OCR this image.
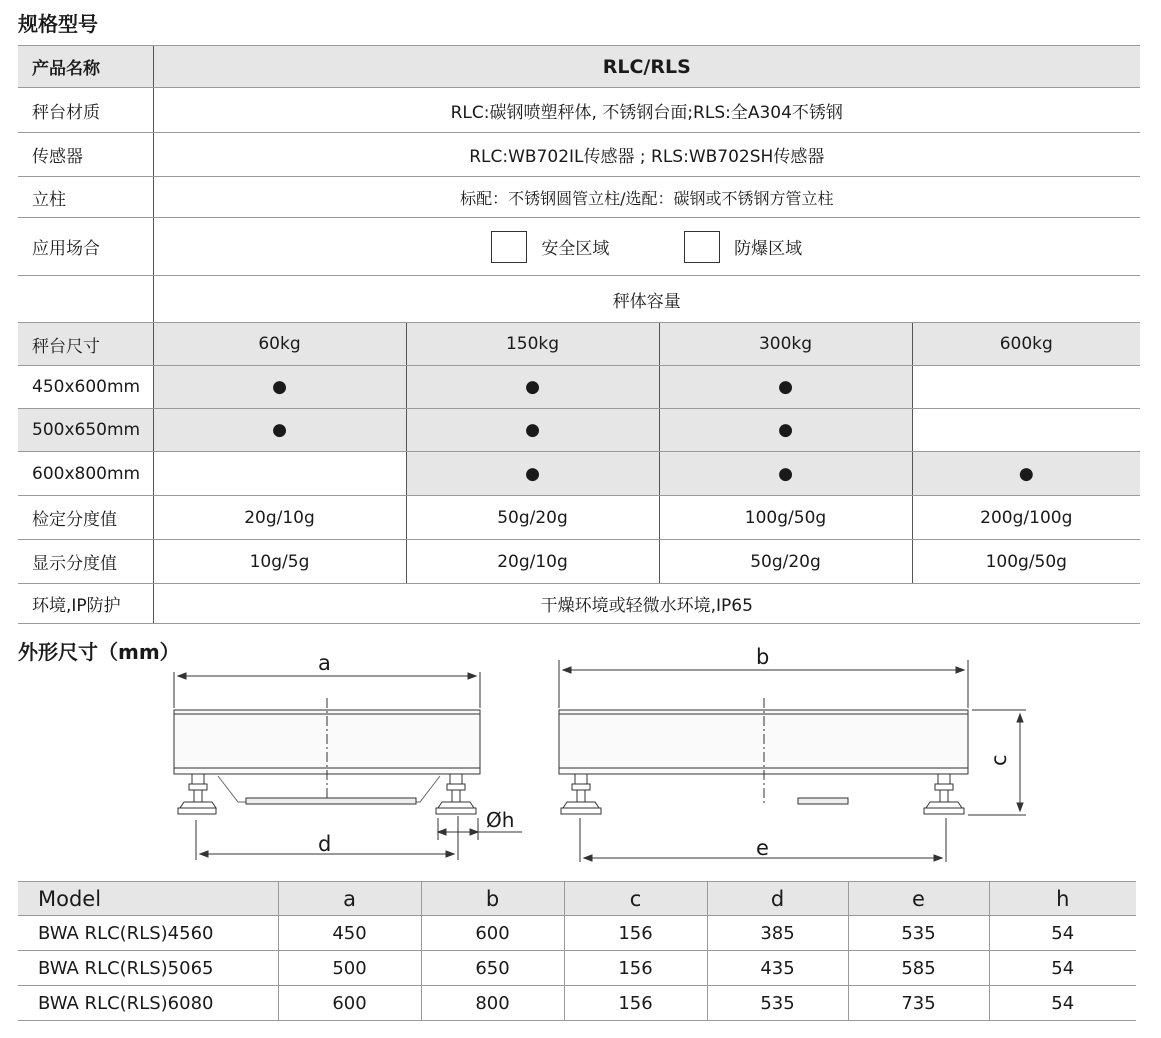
规格型号
产品名称	RLC/RLS			
秤台材质	RLC:碳钢喷塑秤体, 不锈钢台面;RLS:全A304不锈钢			
传感器	RLC:WB702IL传感器 ; RLS:WB702SH传感器			
立柱	标配：不锈钢圆管立柱/选配：碳钢或不锈钢方管立柱			
应用场合	安全区域 防爆区域			
	秤体容量			
秤台尺寸	60kg	150kg	300kg	600kg
450x600mm	●	●	●	
500x650mm	●	●	●	
600x800mm		●	●	●
检定分度值	20g/10g	50g/20g	100g/50g	200g/100g
显示分度值	10g/5g	20g/10g	50g/20g	100g/50g
环境,IP防护	干燥环境或轻微水环境,IP65			
外形尺寸（mm）	a	b
c
d	e
Øh
Model	a	b	c	d	e	h
BWA RLC(RLS)4560	450	600	156	385	535	54
BWA RLC(RLS)5065	500	650	156	435	585	54
BWA RLC(RLS)6080	600	800	156	535	735	54
